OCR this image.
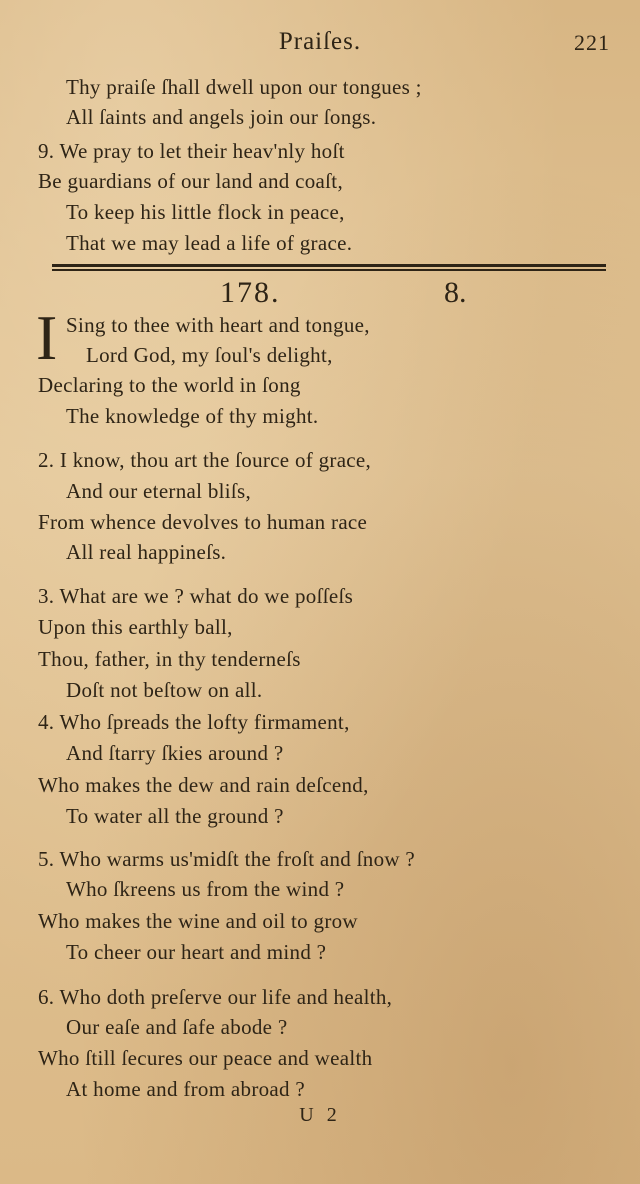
Praiſes.	221
Thy praiſe ſhall dwell upon our tongues ;
All ſaints and angels join our ſongs.
9. We pray to let their heav'nly hoſt
Be guardians of our land and coaſt,
To keep his little flock in peace,
That we may lead a life of grace.
178.	8.
I Sing to thee with heart and tongue,
Lord God, my ſoul's delight,
Declaring to the world in ſong
The knowledge of thy might.
2. I know, thou art the ſource of grace,
And our eternal bliſs,
From whence devolves to human race
All real happineſs.
3. What are we ? what do we poſſeſs
Upon this earthly ball,
Thou, father, in thy tenderneſs
Doſt not beſtow on all.
4. Who ſpreads the lofty firmament,
And ſtarry ſkies around ?
Who makes the dew and rain deſcend,
To water all the ground ?
5. Who warms us'midſt the froſt and ſnow ?
Who ſkreens us from the wind ?
Who makes the wine and oil to grow
To cheer our heart and mind ?
6. Who doth preſerve our life and health,
Our eaſe and ſafe abode ?
Who ſtill ſecures our peace and wealth
At home and from abroad ?
U 2
